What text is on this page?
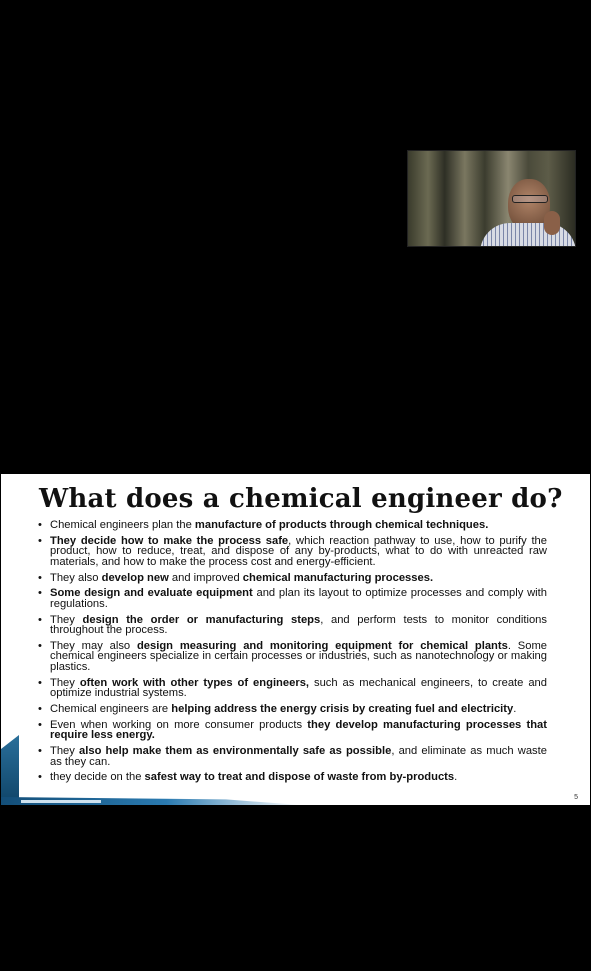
What does a chemical engineer do?
• Chemical engineers plan the manufacture of products through chemical techniques.
• They decide how to make the process safe, which reaction pathway to use, how to purify the product, how to reduce, treat, and dispose of any by-products, what to do with unreacted raw materials, and how to make the process cost and energy-efficient.
• They also develop new and improved chemical manufacturing processes.
• Some design and evaluate equipment and plan its layout to optimize processes and comply with regulations.
• They design the order or manufacturing steps, and perform tests to monitor conditions throughout the process.
• They may also design measuring and monitoring equipment for chemical plants. Some chemical engineers specialize in certain processes or industries, such as nanotechnology or making plastics.
• They often work with other types of engineers, such as mechanical engineers, to create and optimize industrial systems.
• Chemical engineers are helping address the energy crisis by creating fuel and electricity.
• Even when working on more consumer products they develop manufacturing processes that require less energy.
• They also help make them as environmentally safe as possible, and eliminate as much waste as they can.
• they decide on the safest way to treat and dispose of waste from by-products.
5
